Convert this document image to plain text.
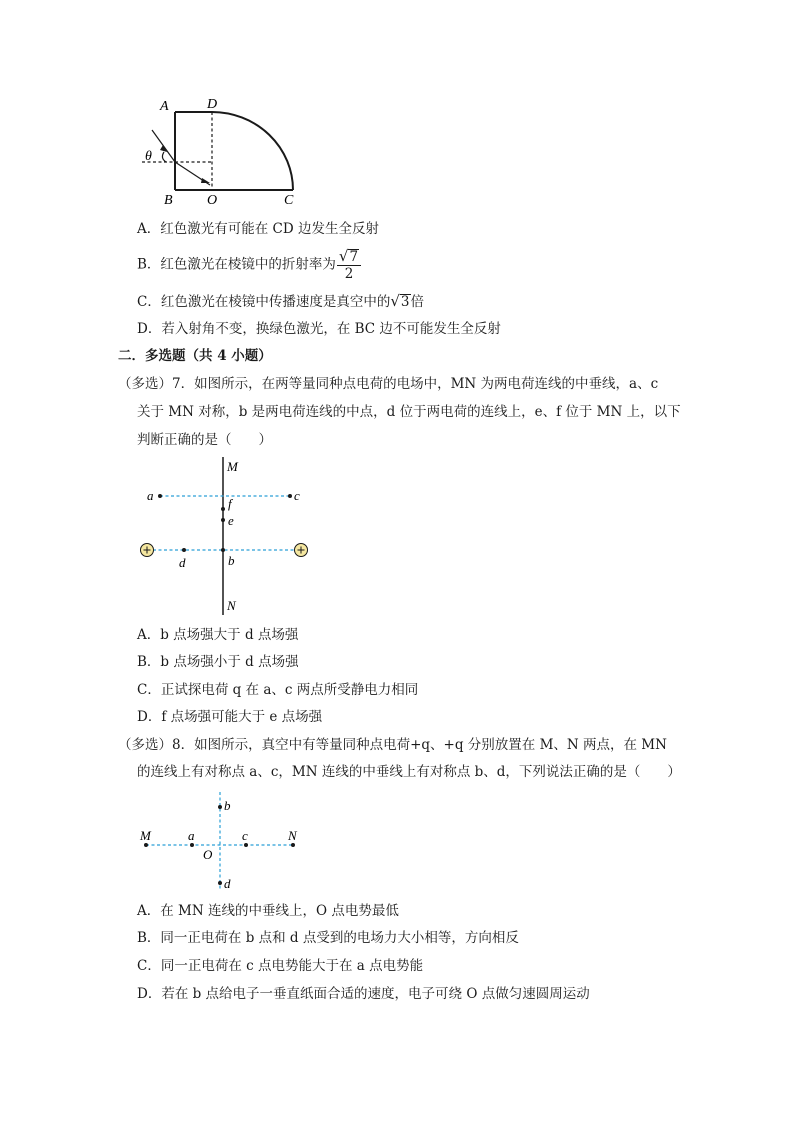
A	D
θ
B O	C
A．红色激光有可能在 CD 边发生全反射
B．红色激光在棱镜中的折射率为 $\frac{√7}{2}$
C．红色激光在棱镜中传播速度是真空中的√3倍
D．若入射角不变，换绿色激光，在 BC 边不可能发生全反射
二．多选题（共 4 小题）
（多选）7．如图所示，在两等量同种点电荷的电场中，MN 为两电荷连线的中垂线，a、c
关于 MN 对称，b 是两电荷连线的中点，d 位于两电荷的连线上，e、f 位于 MN 上，以下
判断正确的是（　　）
M
a	c
f
e
d	b
N
A．b 点场强大于 d 点场强
B．b 点场强小于 d 点场强
C．正试探电荷 q 在 a、c 两点所受静电力相同
D．f 点场强可能大于 e 点场强
（多选）8．如图所示，真空中有等量同种点电荷+q、+q 分别放置在 M、N 两点，在 MN
的连线上有对称点 a、c，MN 连线的中垂线上有对称点 b、d，下列说法正确的是（　　）
b
M	a	c	N
O
d
A．在 MN 连线的中垂线上，O 点电势最低
B．同一正电荷在 b 点和 d 点受到的电场力大小相等，方向相反
C．同一正电荷在 c 点电势能大于在 a 点电势能
D．若在 b 点给电子一垂直纸面合适的速度，电子可绕 O 点做匀速圆周运动
